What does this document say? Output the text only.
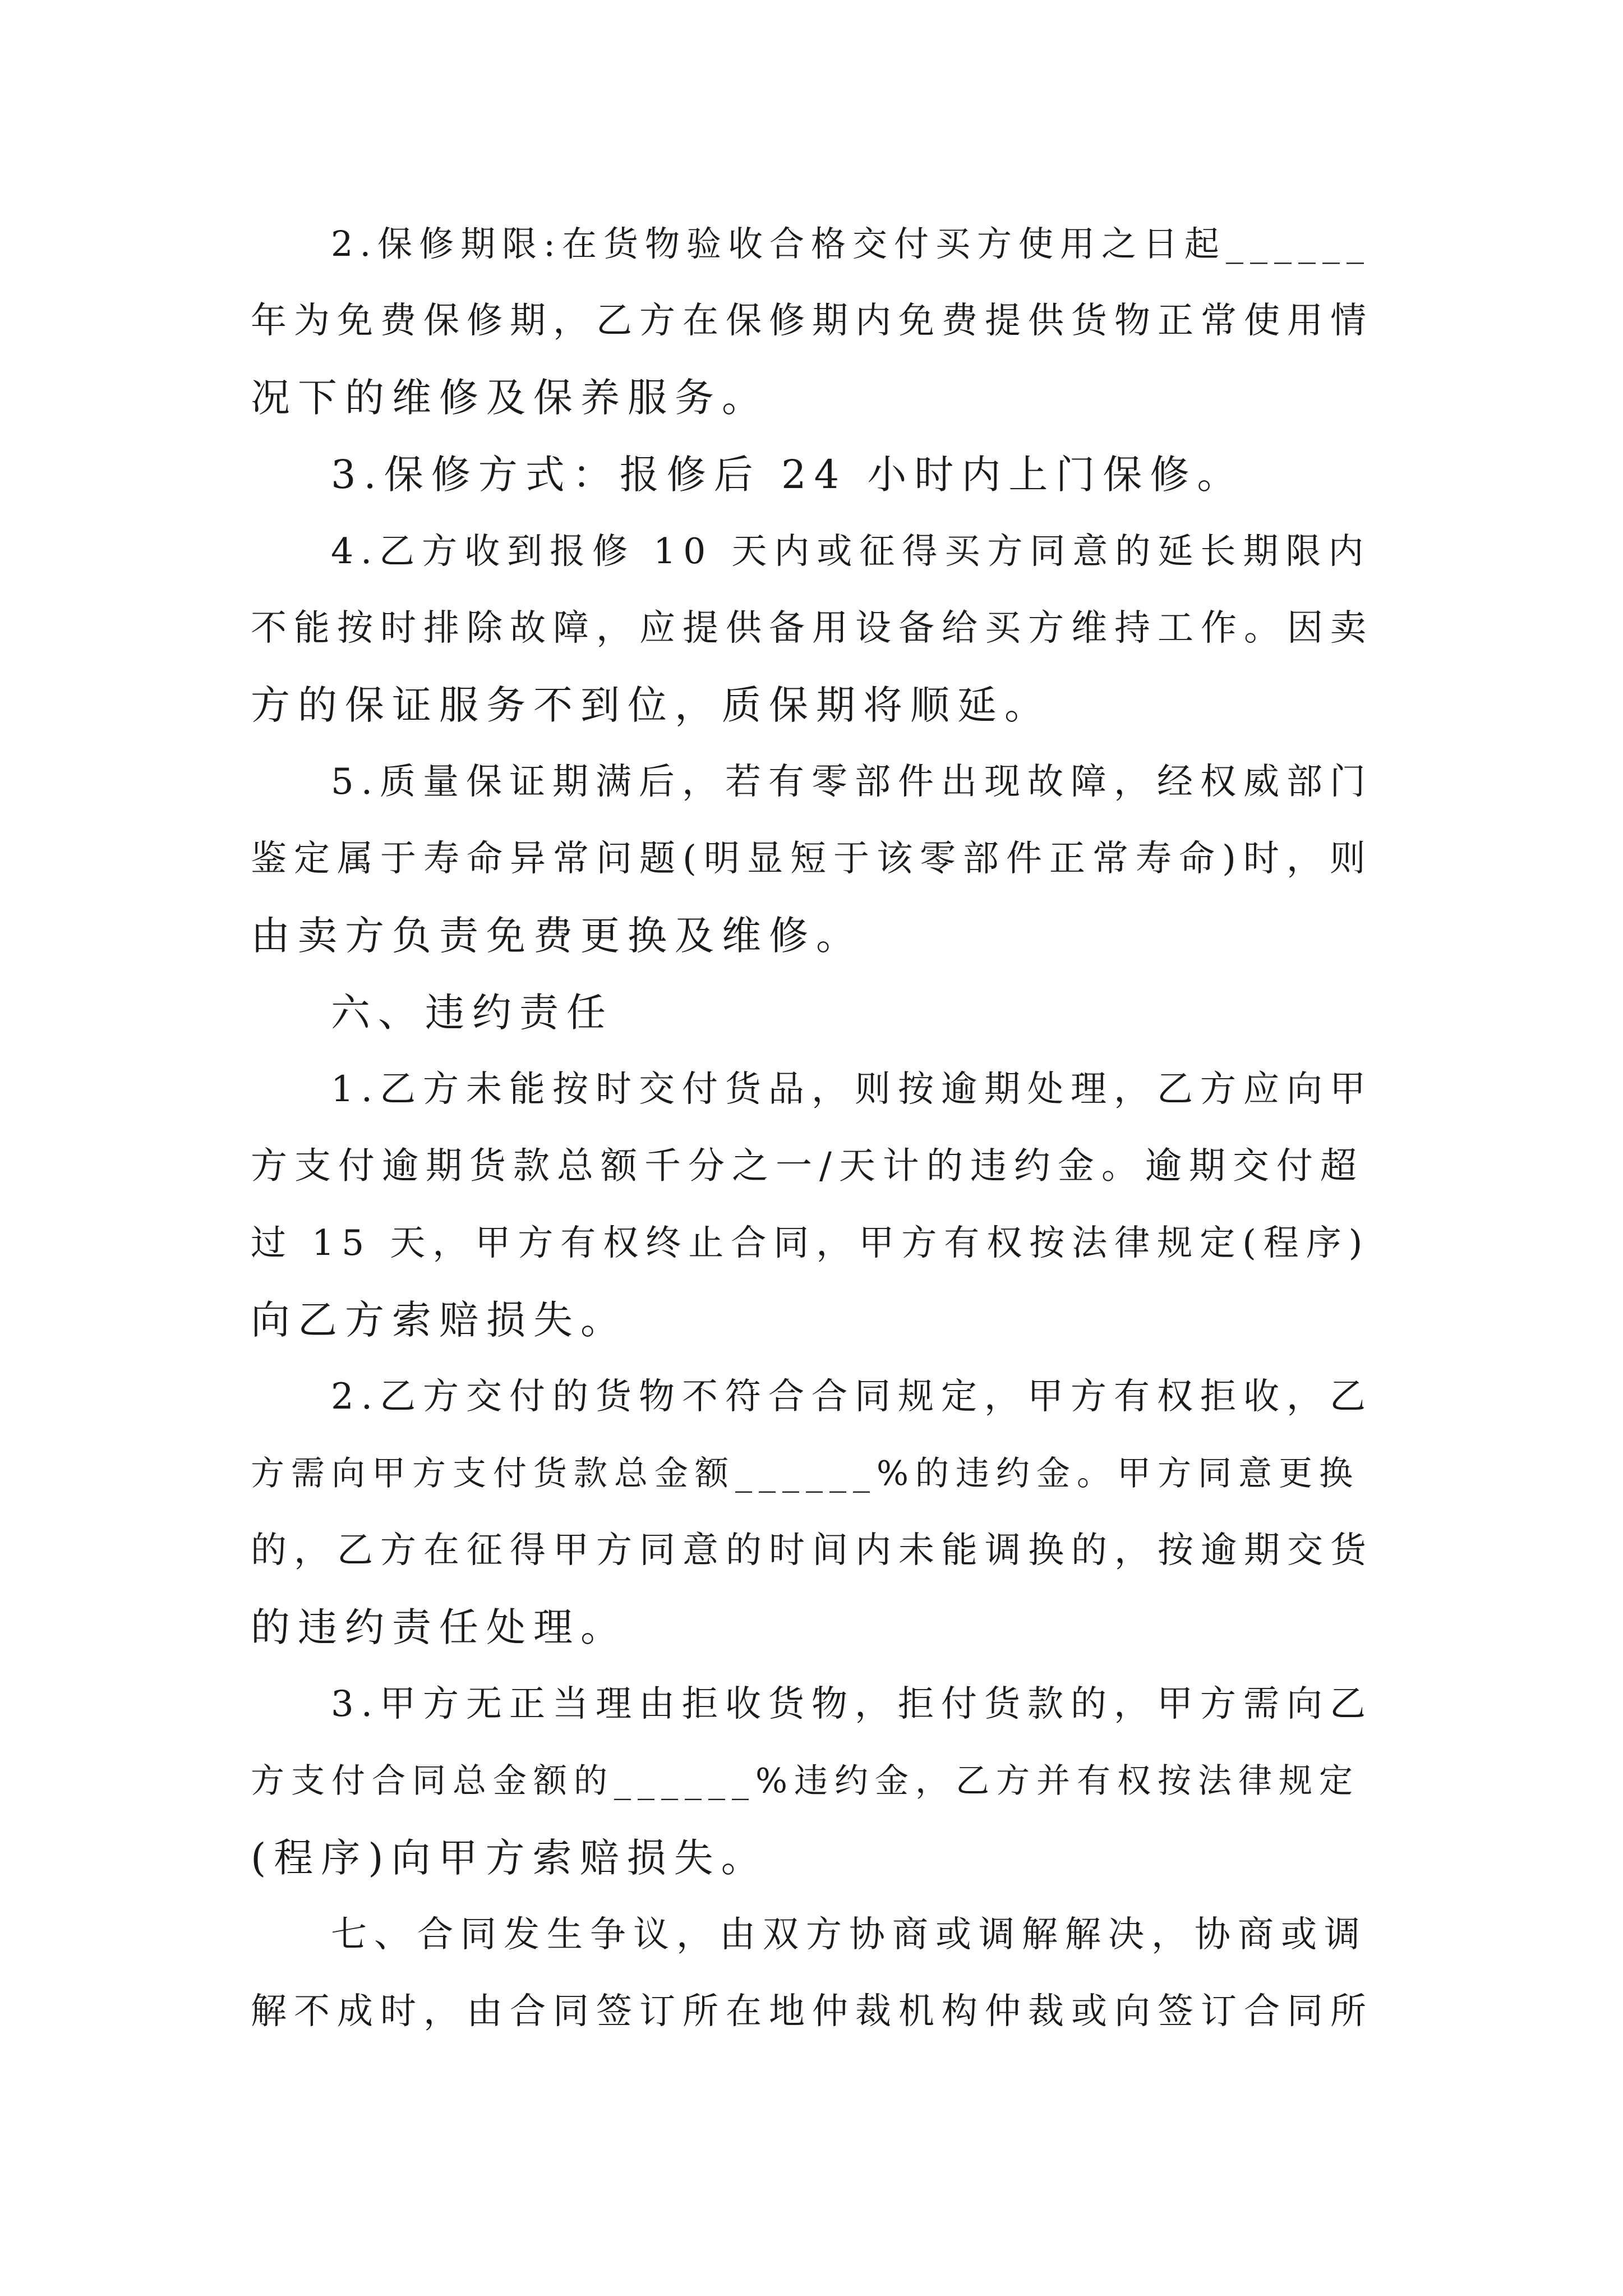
2.保修期限:在货物验收合格交付买方使用之日起______

年为免费保修期，乙方在保修期内免费提供货物正常使用情

况下的维修及保养服务。

3.保修方式：报修后 24 小时内上门保修。

4.乙方收到报修 10 天内或征得买方同意的延长期限内

不能按时排除故障，应提供备用设备给买方维持工作。因卖

方的保证服务不到位，质保期将顺延。

5.质量保证期满后，若有零部件出现故障，经权威部门

鉴定属于寿命异常问题(明显短于该零部件正常寿命)时，则

由卖方负责免费更换及维修。

六、违约责任

1.乙方未能按时交付货品，则按逾期处理，乙方应向甲

方支付逾期货款总额千分之一/天计的违约金。逾期交付超

过 15 天，甲方有权终止合同，甲方有权按法律规定(程序)

向乙方索赔损失。

2.乙方交付的货物不符合合同规定，甲方有权拒收，乙

方需向甲方支付货款总金额______%的违约金。甲方同意更换

的，乙方在征得甲方同意的时间内未能调换的，按逾期交货

的违约责任处理。

3.甲方无正当理由拒收货物，拒付货款的，甲方需向乙

方支付合同总金额的______%违约金，乙方并有权按法律规定

(程序)向甲方索赔损失。

七、合同发生争议，由双方协商或调解解决，协商或调

解不成时，由合同签订所在地仲裁机构仲裁或向签订合同所
